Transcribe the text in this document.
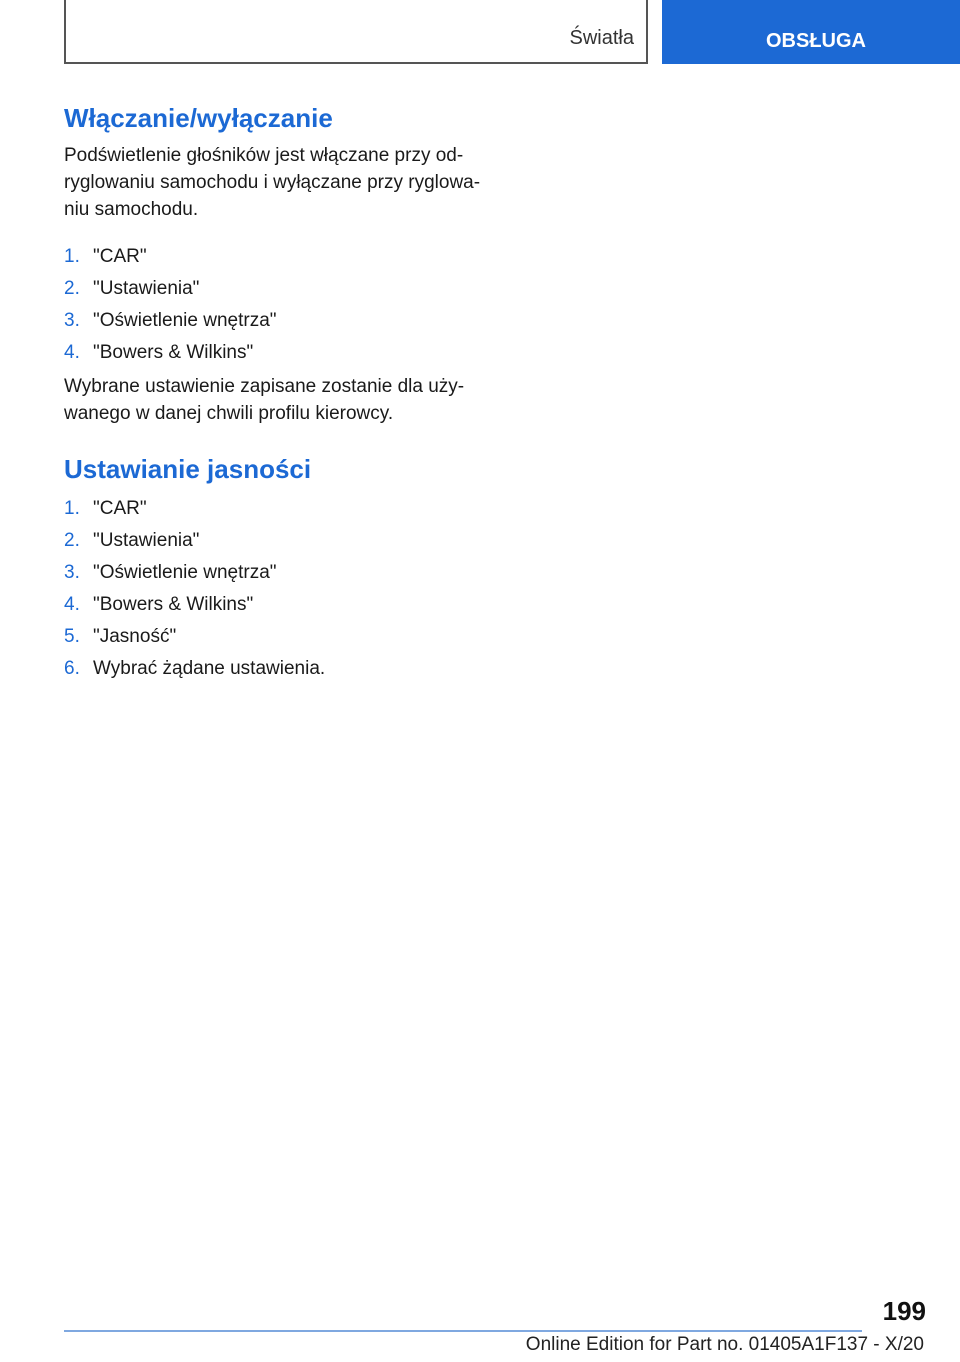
Światła	OBSŁUGA
Włączanie/wyłączanie

Podświetlenie głośników jest włączane przy odryglowaniu samochodu i wyłączane przy ryglowaniu samochodu.

1. "CAR"
2. "Ustawienia"
3. "Oświetlenie wnętrza"
4. "Bowers & Wilkins"

Wybrane ustawienie zapisane zostanie dla używanego w danej chwili profilu kierowcy.

Ustawianie jasności
1. "CAR"
2. "Ustawienia"
3. "Oświetlenie wnętrza"
4. "Bowers & Wilkins"
5. "Jasność"
6. Wybrać żądane ustawienia.
199
Online Edition for Part no. 01405A1F137 - X/20
